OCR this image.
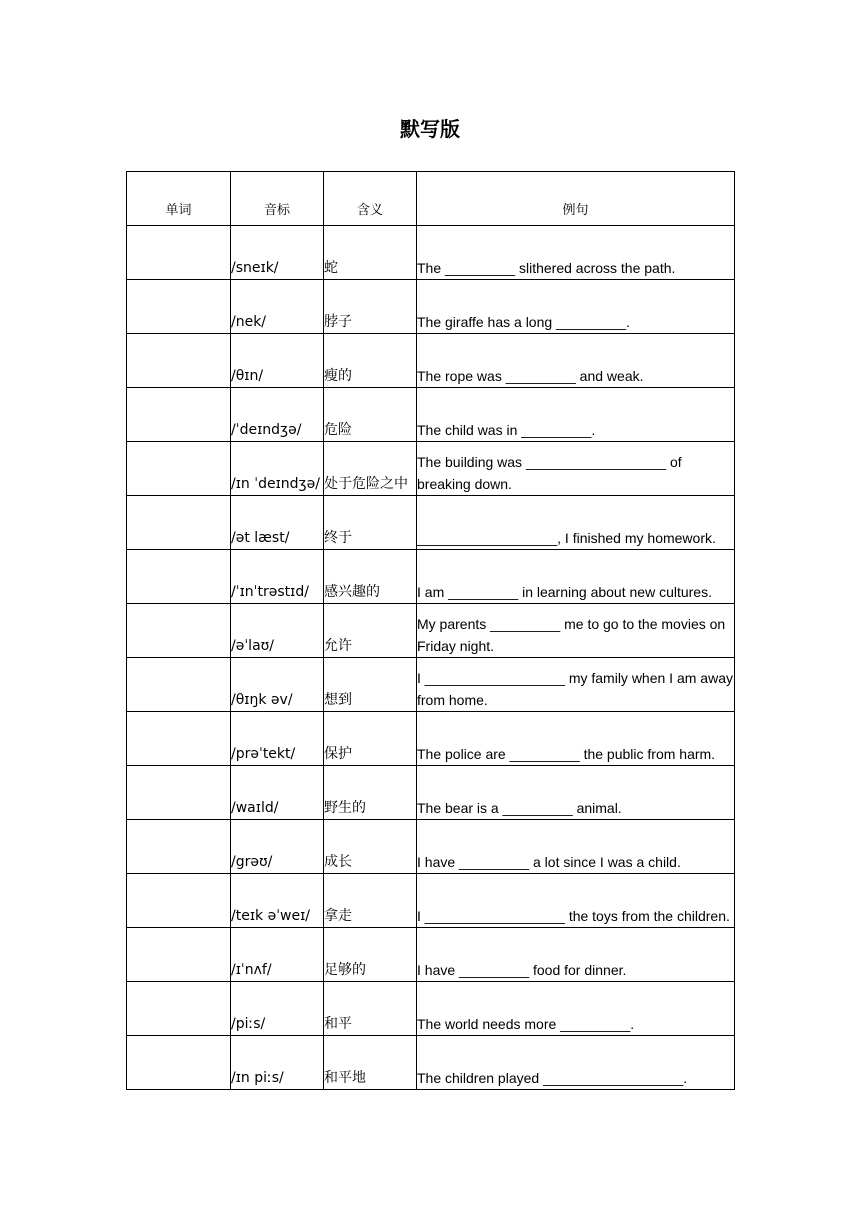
默写版
单词	音标	含义	例句
	/sneɪk/	蛇	The _________ slithered across the path.
	/nek/	脖子	The giraffe has a long _________.
	/θɪn/	瘦的	The rope was _________ and weak.
	/ˈdeɪndʒə/	危险	The child was in _________.
	/ɪn ˈdeɪndʒə/	处于危险之中	The building was __________________ of breaking down.
	/ət læst/	终于	__________________, I finished my homework.
	/ˈɪnˈtrəstɪd/	感兴趣的	I am _________ in learning about new cultures.
	/əˈlaʊ/	允许	My parents _________ me to go to the movies on Friday night.
	/θɪŋk əv/	想到	I __________________ my family when I am away from home.
	/prəˈtekt/	保护	The police are _________ the public from harm.
	/waɪld/	野生的	The bear is a _________ animal.
	/grəʊ/	成长	I have _________ a lot since I was a child.
	/teɪk əˈweɪ/	拿走	I __________________ the toys from the children.
	/ɪˈnʌf/	足够的	I have _________ food for dinner.
	/piːs/	和平	The world needs more _________.
	/ɪn piːs/	和平地	The children played __________________.
